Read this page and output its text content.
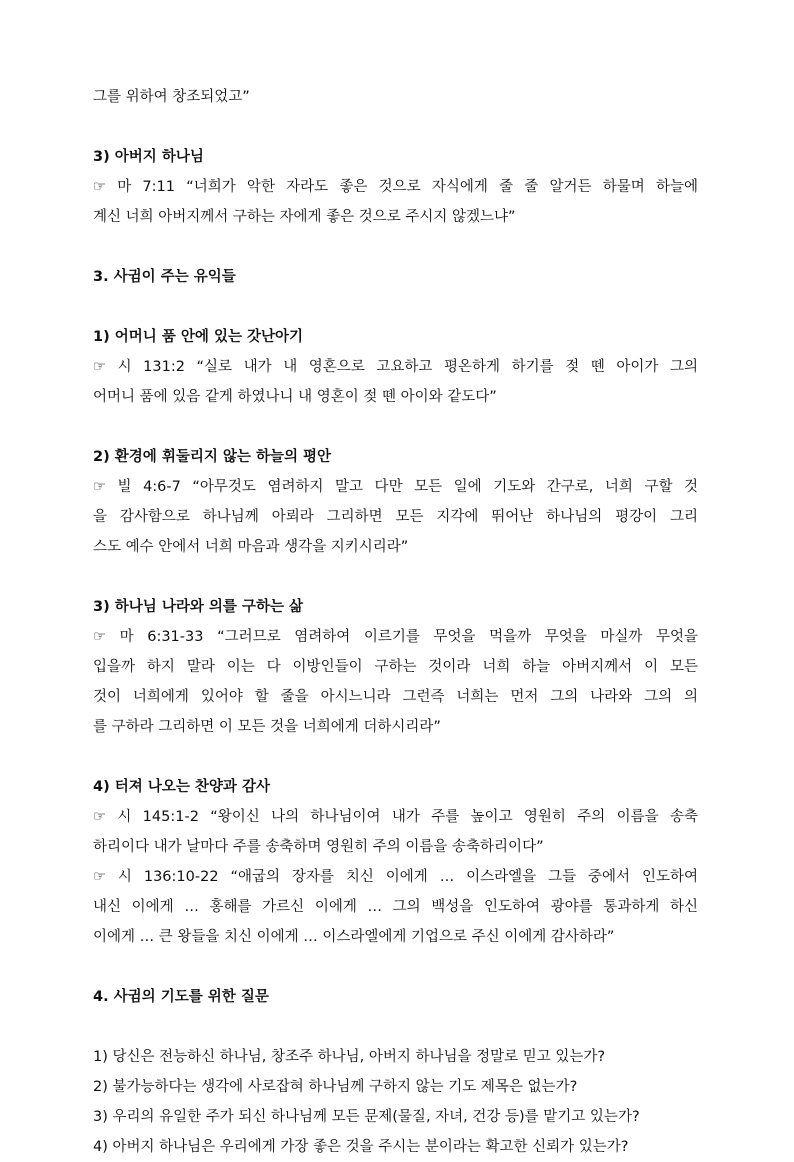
그를 위하여 창조되었고”
3) 아버지 하나님
☞ 마 7:11 “너희가 악한 자라도 좋은 것으로 자식에게 줄 줄 알거든 하물며 하늘에
계신 너희 아버지께서 구하는 자에게 좋은 것으로 주시지 않겠느냐”
3. 사귐이 주는 유익들
1) 어머니 품 안에 있는 갓난아기
☞ 시 131:2 “실로 내가 내 영혼으로 고요하고 평온하게 하기를 젖 뗀 아이가 그의
어머니 품에 있음 같게 하였나니 내 영혼이 젖 뗀 아이와 같도다”
2) 환경에 휘둘리지 않는 하늘의 평안
☞ 빌 4:6-7 “아무것도 염려하지 말고 다만 모든 일에 기도와 간구로, 너희 구할 것
을 감사함으로 하나님께 아뢰라 그리하면 모든 지각에 뛰어난 하나님의 평강이 그리
스도 예수 안에서 너희 마음과 생각을 지키시리라”
3) 하나님 나라와 의를 구하는 삶
☞ 마 6:31-33 “그러므로 염려하여 이르기를 무엇을 먹을까 무엇을 마실까 무엇을
입을까 하지 말라 이는 다 이방인들이 구하는 것이라 너희 하늘 아버지께서 이 모든
것이 너희에게 있어야 할 줄을 아시느니라 그런즉 너희는 먼저 그의 나라와 그의 의
를 구하라 그리하면 이 모든 것을 너희에게 더하시리라”
4) 터져 나오는 찬양과 감사
☞ 시 145:1-2 “왕이신 나의 하나님이여 내가 주를 높이고 영원히 주의 이름을 송축
하리이다 내가 날마다 주를 송축하며 영원히 주의 이름을 송축하리이다”
☞ 시 136:10-22 “애굽의 장자를 치신 이에게 … 이스라엘을 그들 중에서 인도하여
내신 이에게 … 홍해를 가르신 이에게 … 그의 백성을 인도하여 광야를 통과하게 하신
이에게 … 큰 왕들을 치신 이에게 … 이스라엘에게 기업으로 주신 이에게 감사하라”
4. 사귐의 기도를 위한 질문
1) 당신은 전능하신 하나님, 창조주 하나님, 아버지 하나님을 정말로 믿고 있는가?
2) 불가능하다는 생각에 사로잡혀 하나님께 구하지 않는 기도 제목은 없는가?
3) 우리의 유일한 주가 되신 하나님께 모든 문제(물질, 자녀, 건강 등)를 맡기고 있는가?
4) 아버지 하나님은 우리에게 가장 좋은 것을 주시는 분이라는 확고한 신뢰가 있는가?
